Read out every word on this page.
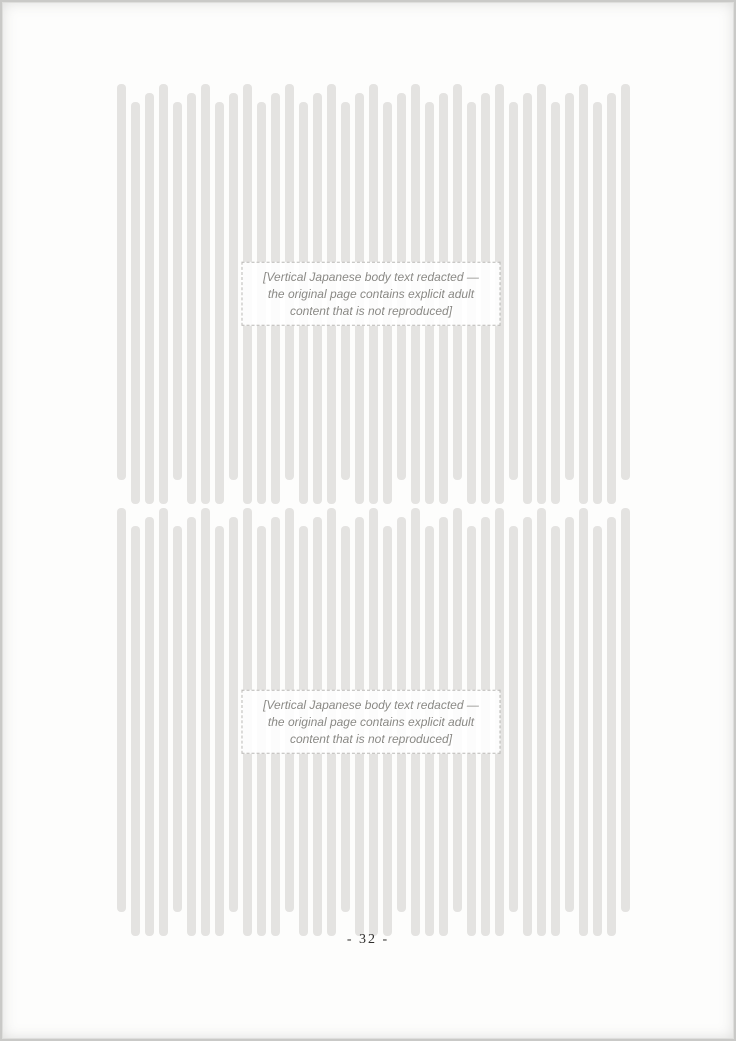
[Vertical Japanese body text redacted — the original page contains explicit adult content that is not reproduced]
[Vertical Japanese body text redacted — the original page contains explicit adult content that is not reproduced]
- 32 -
